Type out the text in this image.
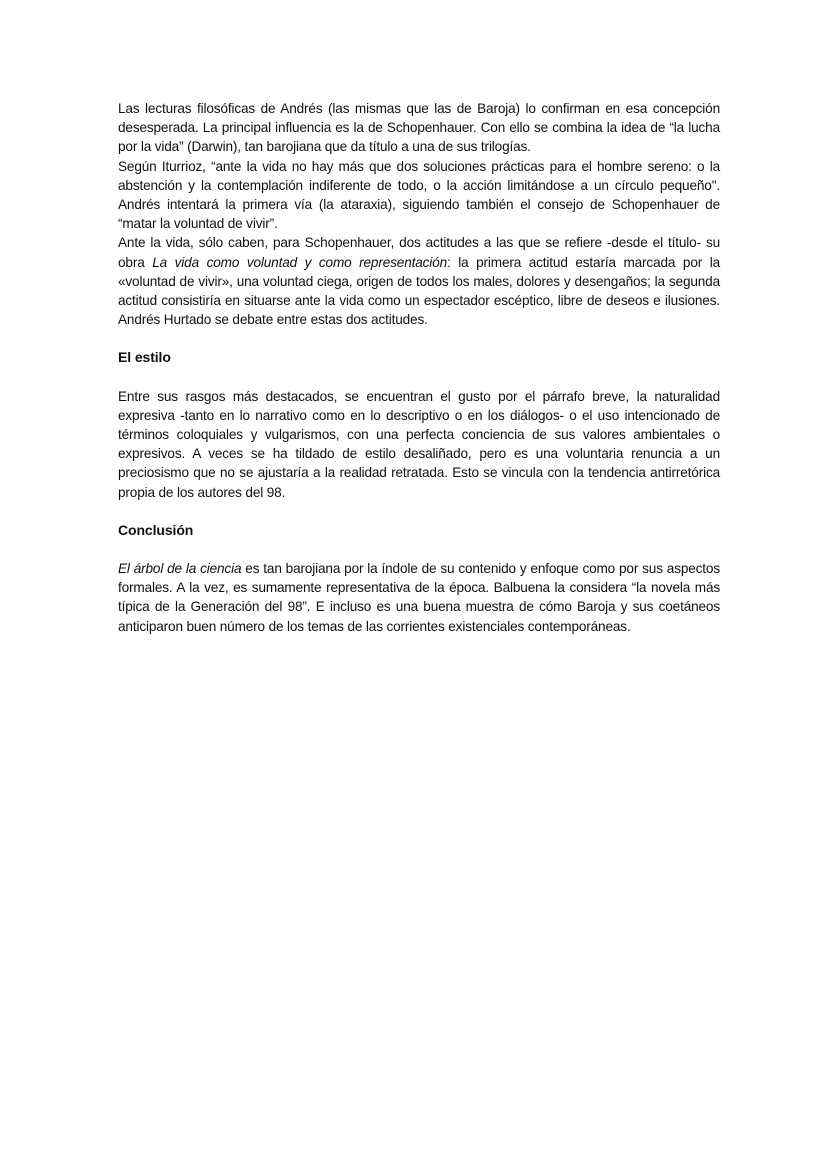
Las lecturas filosóficas de Andrés (las mismas que las de Baroja) lo confirman en esa concepción desesperada. La principal influencia es la de Schopenhauer. Con ello se combina la idea de “la lucha por la vida” (Darwin), tan barojiana que da título a una de sus trilogías.

Según Iturrioz, “ante la vida no hay más que dos soluciones prácticas para el hombre sereno: o la abstención y la contemplación indiferente de todo, o la acción limitándose a un círculo pequeño". Andrés intentará la primera vía (la ataraxia), siguiendo también el consejo de Schopenhauer de “matar la voluntad de vivir”.

Ante la vida, sólo caben, para Schopenhauer, dos actitudes a las que se refiere -desde el título- su obra La vida como voluntad y como representación: la primera actitud estaría marcada por la «voluntad de vivir», una voluntad ciega, origen de todos los males, dolores y desengaños; la segunda actitud consistiría en situarse ante la vida como un espectador escéptico, libre de deseos e ilusiones. Andrés Hurtado se debate entre estas dos actitudes.

El estilo

Entre sus rasgos más destacados, se encuentran el gusto por el párrafo breve, la naturalidad expresiva -tanto en lo narrativo como en lo descriptivo o en los diálogos- o el uso intencionado de términos coloquiales y vulgarismos, con una perfecta conciencia de sus valores ambientales o expresivos. A veces se ha tildado de estilo desaliñado, pero es una voluntaria renuncia a un preciosismo que no se ajustaría a la realidad retratada. Esto se vincula con la tendencia antirretórica propia de los autores del 98.

Conclusión

El árbol de la ciencia es tan barojiana por la índole de su contenido y enfoque como por sus aspectos formales. A la vez, es sumamente representativa de la época. Balbuena la considera “la novela más típica de la Generación del 98”. E incluso es una buena muestra de cómo Baroja y sus coetáneos anticiparon buen número de los temas de las corrientes existenciales contemporáneas.
